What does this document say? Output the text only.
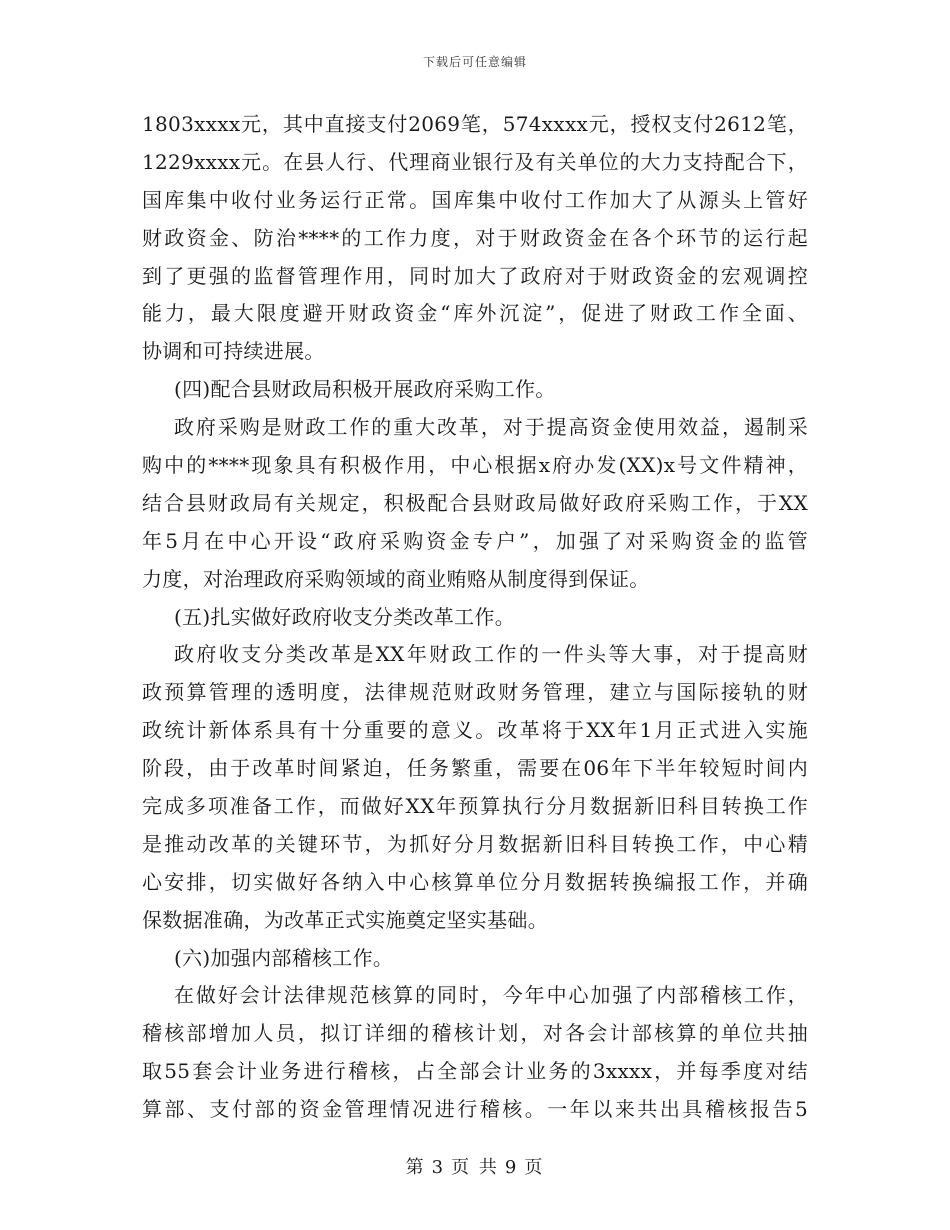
下载后可任意编辑
1803xxxx元，其中直接支付2069笔，574xxxx元，授权支付2612笔，
1229xxxx元。在县人行、代理商业银行及有关单位的大力支持配合下，
国库集中收付业务运行正常。国库集中收付工作加大了从源头上管好
财政资金、防治****的工作力度，对于财政资金在各个环节的运行起
到了更强的监督管理作用，同时加大了政府对于财政资金的宏观调控
能力，最大限度避开财政资金“库外沉淀”，促进了财政工作全面、
协调和可持续进展。
(四)配合县财政局积极开展政府采购工作。
政府采购是财政工作的重大改革，对于提高资金使用效益，遏制采
购中的****现象具有积极作用，中心根据x府办发(XX)x号文件精神，
结合县财政局有关规定，积极配合县财政局做好政府采购工作，于XX
年5月在中心开设“政府采购资金专户”，加强了对采购资金的监管
力度，对治理政府采购领域的商业贿赂从制度得到保证。
(五)扎实做好政府收支分类改革工作。
政府收支分类改革是XX年财政工作的一件头等大事，对于提高财
政预算管理的透明度，法律规范财政财务管理，建立与国际接轨的财
政统计新体系具有十分重要的意义。改革将于XX年1月正式进入实施
阶段，由于改革时间紧迫，任务繁重，需要在06年下半年较短时间内
完成多项准备工作，而做好XX年预算执行分月数据新旧科目转换工作
是推动改革的关键环节，为抓好分月数据新旧科目转换工作，中心精
心安排，切实做好各纳入中心核算单位分月数据转换编报工作，并确
保数据准确，为改革正式实施奠定坚实基础。
(六)加强内部稽核工作。
在做好会计法律规范核算的同时，今年中心加强了内部稽核工作，
稽核部增加人员，拟订详细的稽核计划，对各会计部核算的单位共抽
取55套会计业务进行稽核，占全部会计业务的3xxxx，并每季度对结
算部、支付部的资金管理情况进行稽核。一年以来共出具稽核报告5
第 3 页 共 9 页
